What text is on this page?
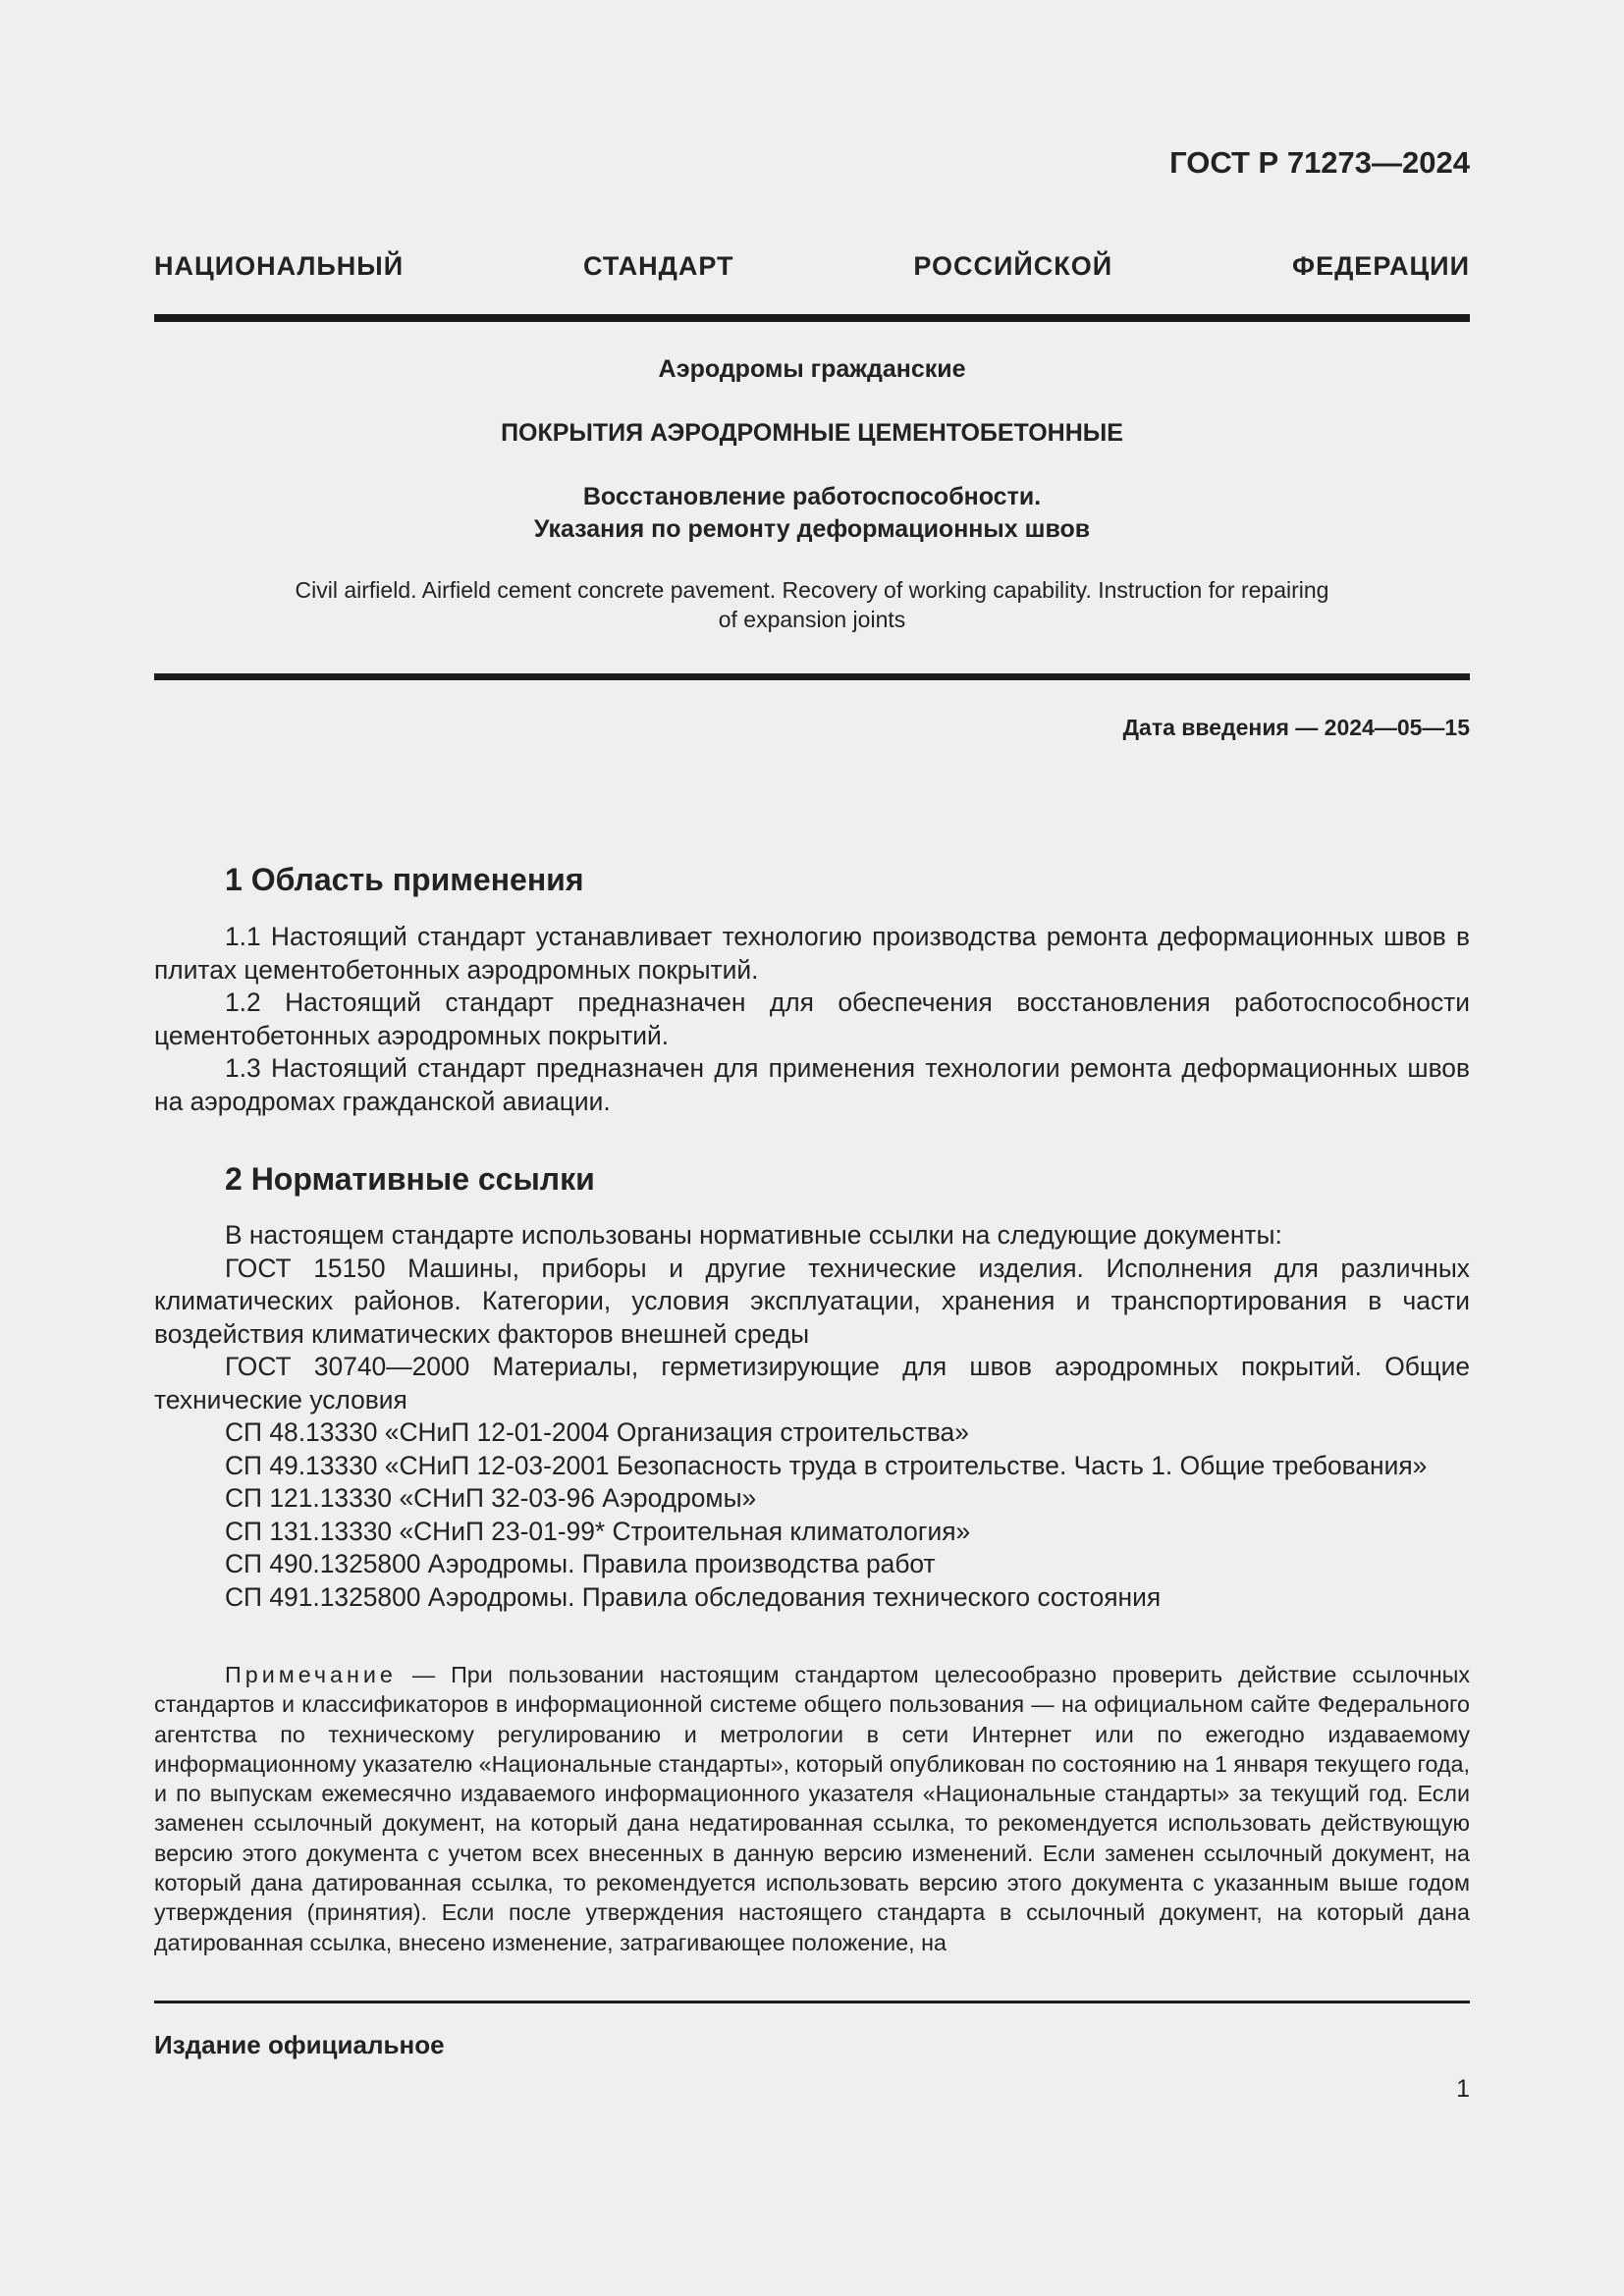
ГОСТ Р 71273—2024
НАЦИОНАЛЬНЫЙ СТАНДАРТ РОССИЙСКОЙ ФЕДЕРАЦИИ
Аэродромы гражданские
ПОКРЫТИЯ АЭРОДРОМНЫЕ ЦЕМЕНТОБЕТОННЫЕ
Восстановление работоспособности.
Указания по ремонту деформационных швов
Civil airfield. Airfield cement concrete pavement. Recovery of working capability. Instruction for repairing
of expansion joints
Дата введения — 2024—05—15
1 Область применения

1.1 Настоящий стандарт устанавливает технологию производства ремонта деформационных швов в плитах цементобетонных аэродромных покрытий.

1.2 Настоящий стандарт предназначен для обеспечения восстановления работоспособности цементобетонных аэродромных покрытий.

1.3 Настоящий стандарт предназначен для применения технологии ремонта деформационных швов на аэродромах гражданской авиации.

2 Нормативные ссылки

В настоящем стандарте использованы нормативные ссылки на следующие документы:

ГОСТ 15150 Машины, приборы и другие технические изделия. Исполнения для различных климатических районов. Категории, условия эксплуатации, хранения и транспортирования в части воздействия климатических факторов внешней среды

ГОСТ 30740—2000 Материалы, герметизирующие для швов аэродромных покрытий. Общие технические условия

СП 48.13330 «СНиП 12-01-2004 Организация строительства»

СП 49.13330 «СНиП 12-03-2001 Безопасность труда в строительстве. Часть 1. Общие требования»

СП 121.13330 «СНиП 32-03-96 Аэродромы»

СП 131.13330 «СНиП 23-01-99* Строительная климатология»

СП 490.1325800 Аэродромы. Правила производства работ

СП 491.1325800 Аэродромы. Правила обследования технического состояния

Примечание — При пользовании настоящим стандартом целесообразно проверить действие ссылочных стандартов и классификаторов в информационной системе общего пользования — на официальном сайте Федерального агентства по техническому регулированию и метрологии в сети Интернет или по ежегодно издаваемому информационному указателю «Национальные стандарты», который опубликован по состоянию на 1 января текущего года, и по выпускам ежемесячно издаваемого информационного указателя «Национальные стандарты» за текущий год. Если заменен ссылочный документ, на который дана недатированная ссылка, то рекомендуется использовать действующую версию этого документа с учетом всех внесенных в данную версию изменений. Если заменен ссылочный документ, на который дана датированная ссылка, то рекомендуется использовать версию этого документа с указанным выше годом утверждения (принятия). Если после утверждения настоящего стандарта в ссылочный документ, на который дана датированная ссылка, внесено изменение, затрагивающее положение, на

Издание официальное
1
